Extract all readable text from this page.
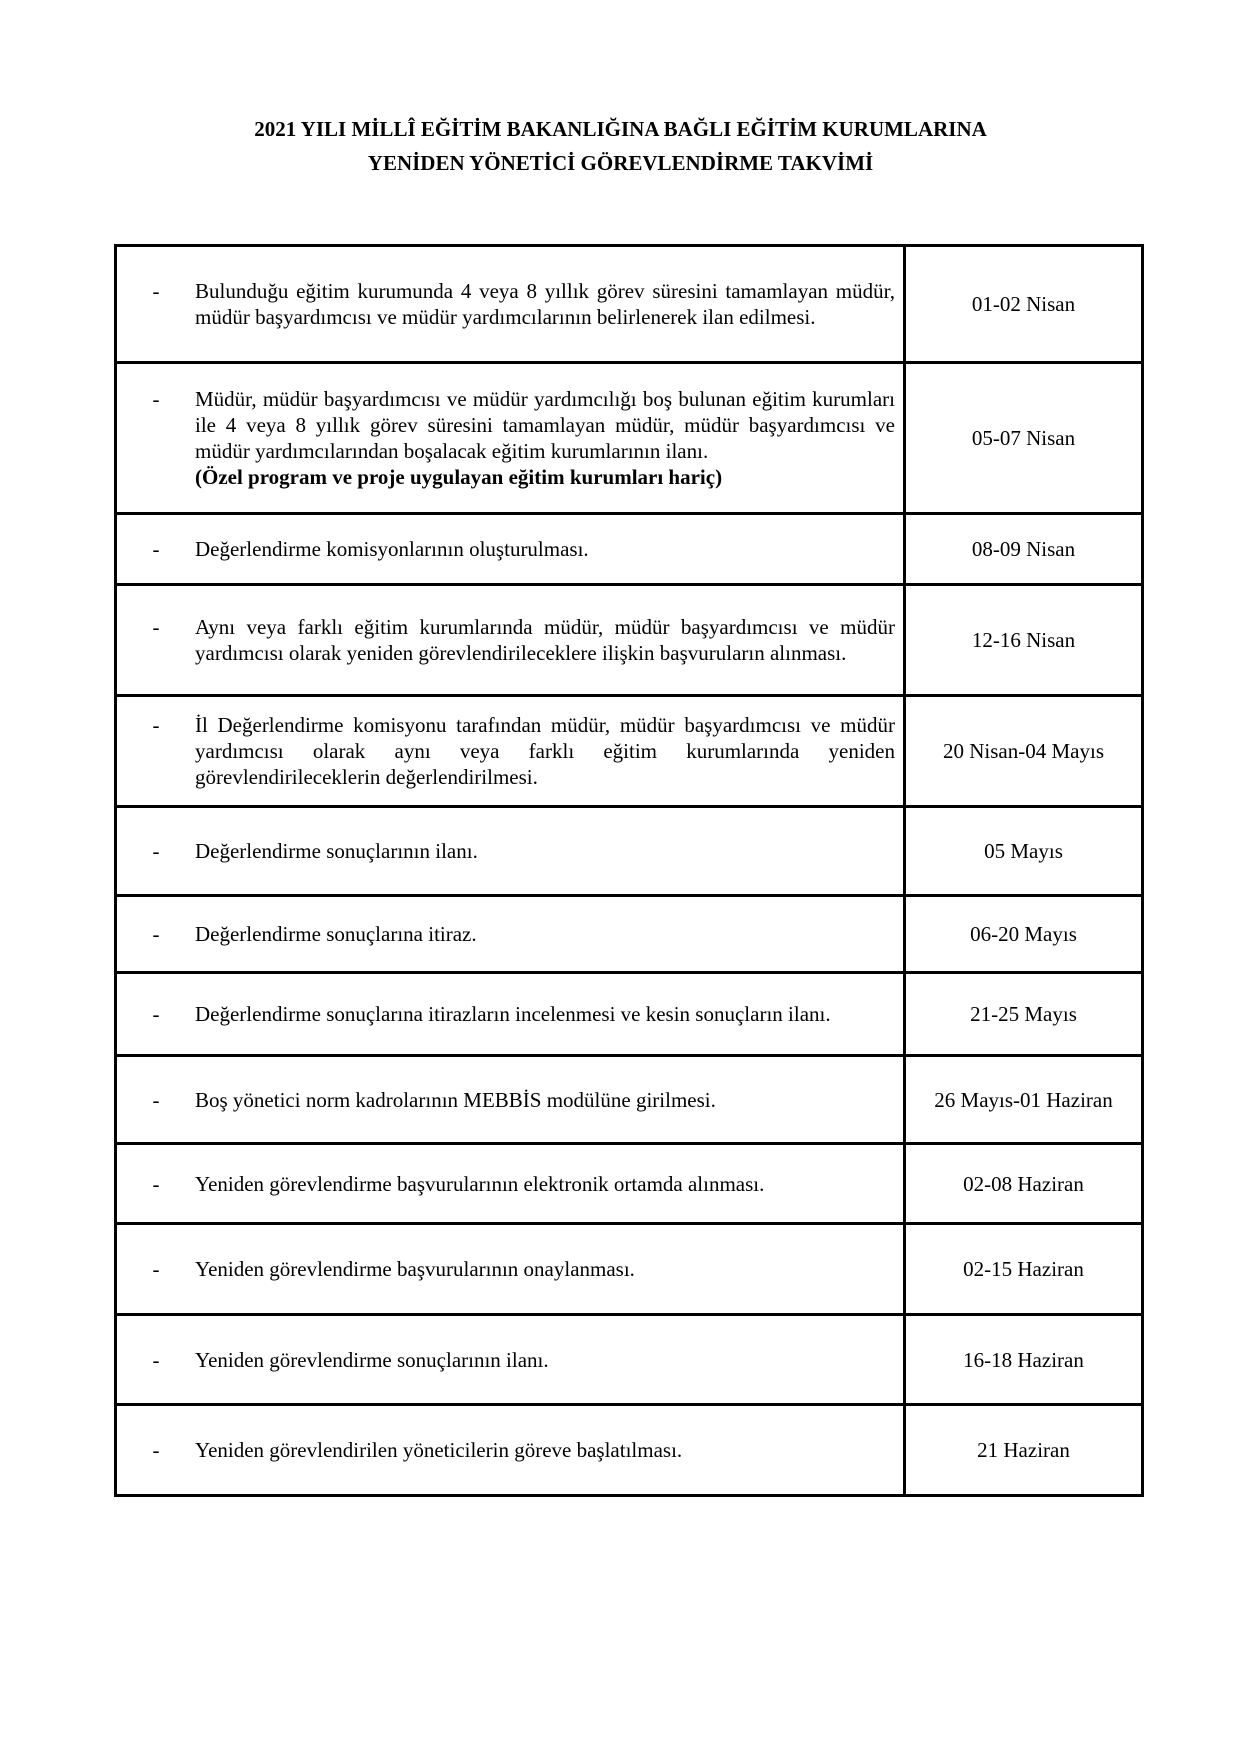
2021 YILI MİLLÎ EĞİTİM BAKANLIĞINA BAĞLI EĞİTİM KURUMLARINA
YENİDEN YÖNETİCİ GÖREVLENDİRME TAKVİMİ
- Bulunduğu eğitim kurumunda 4 veya 8 yıllık görev süresini tamamlayan müdür, müdür başyardımcısı ve müdür yardımcılarının belirlenerek ilan edilmesi.	01-02 Nisan

- Müdür, müdür başyardımcısı ve müdür yardımcılığı boş bulunan eğitim kurumları ile 4 veya 8 yıllık görev süresini tamamlayan müdür, müdür başyardımcısı ve müdür yardımcılarından boşalacak eğitim kurumlarının ilanı.
(Özel program ve proje uygulayan eğitim kurumları hariç)	05-07 Nisan

- Değerlendirme komisyonlarının oluşturulması.	08-09 Nisan

- Aynı veya farklı eğitim kurumlarında müdür, müdür başyardımcısı ve müdür yardımcısı olarak yeniden görevlendirileceklere ilişkin başvuruların alınması.	12-16 Nisan

- İl Değerlendirme komisyonu tarafından müdür, müdür başyardımcısı ve müdür yardımcısı olarak aynı veya farklı eğitim kurumlarında yeniden görevlendirileceklerin değerlendirilmesi.	20 Nisan-04 Mayıs

- Değerlendirme sonuçlarının ilanı.	05 Mayıs

- Değerlendirme sonuçlarına itiraz.	06-20 Mayıs

- Değerlendirme sonuçlarına itirazların incelenmesi ve kesin sonuçların ilanı.	21-25 Mayıs

- Boş yönetici norm kadrolarının MEBBİS modülüne girilmesi.	26 Mayıs-01 Haziran

- Yeniden görevlendirme başvurularının elektronik ortamda alınması.	02-08 Haziran

- Yeniden görevlendirme başvurularının onaylanması.	02-15 Haziran

- Yeniden görevlendirme sonuçlarının ilanı.	16-18 Haziran

- Yeniden görevlendirilen yöneticilerin göreve başlatılması.	21 Haziran
